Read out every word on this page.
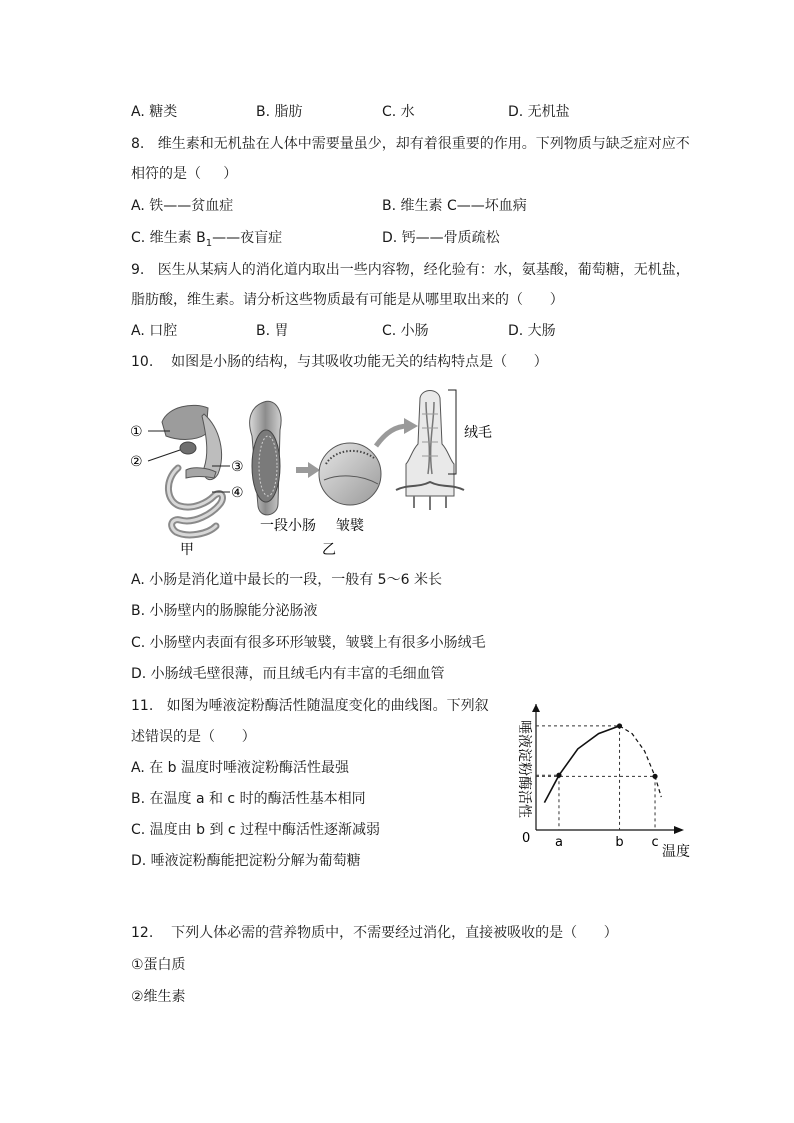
A. 糖类	B. 脂肪	C. 水	D. 无机盐
8.   维生素和无机盐在人体中需要量虽少，却有着很重要的作用。下列物质与缺乏症对应不
相符的是（     ）
A. 铁——贫血症	B. 维生素 C——坏血病
C. 维生素 $B_1——$夜盲症	D. 钙——骨质疏松
9.   医生从某病人的消化道内取出一些内容物，经化验有：水，氨基酸，葡萄糖，无机盐，
脂肪酸，维生素。请分析这些物质最有可能是从哪里取出来的（      ）
A. 口腔	B. 胃	C. 小肠	D. 大肠
10.    如图是小肠的结构，与其吸收功能无关的结构特点是（      ）
①
②	③
④
甲
绒毛
一段小肠 皱襞
乙
A. 小肠是消化道中最长的一段，一般有 5～6 米长
B. 小肠壁内的肠腺能分泌肠液
C. 小肠壁内表面有很多环形皱襞，皱襞上有很多小肠绒毛
D. 小肠绒毛壁很薄，而且绒毛内有丰富的毛细血管
11.   如图为唾液淀粉酶活性随温度变化的曲线图。下列叙
述错误的是（      ）
A. 在 b 温度时唾液淀粉酶活性最强
B. 在温度 a 和 c 时的酶活性基本相同
C. 温度由 b 到 c 过程中酶活性逐渐减弱
D. 唾液淀粉酶能把淀粉分解为葡萄糖
a	b c
0
温度
唾液淀粉酶活性
12.    下列人体必需的营养物质中，不需要经过消化，直接被吸收的是（      ）
①蛋白质
②维生素
